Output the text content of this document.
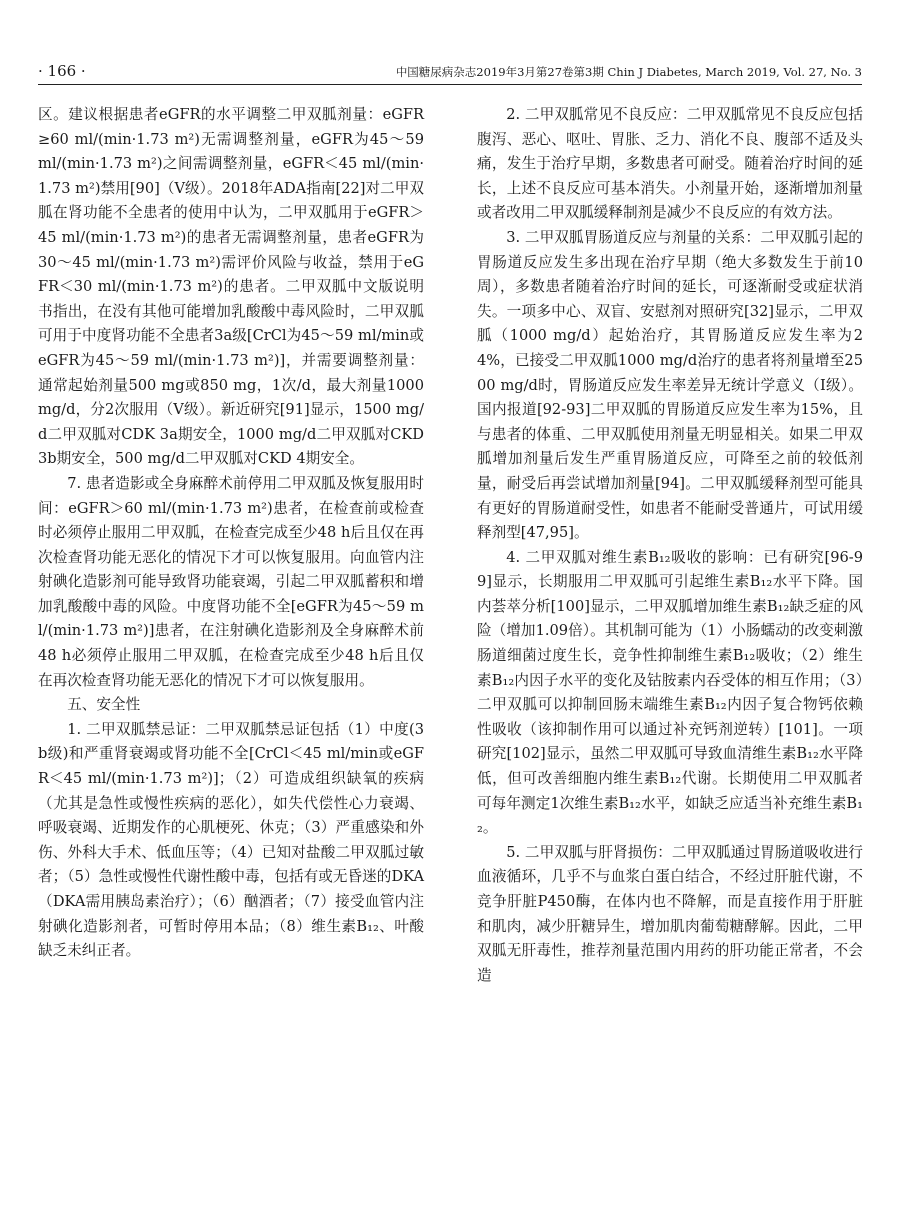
· 166 ·	中国糖尿病杂志2019年3月第27卷第3期 Chin J Diabetes, March 2019, Vol. 27, No. 3

区。建议根据患者eGFR的水平调整二甲双胍剂量：eGFR≥60 ml/(min·1.73 m²)无需调整剂量，eGFR为45～59 ml/(min·1.73 m²)之间需调整剂量，eGFR＜45 ml/(min·1.73 m²)禁用[90]（Ⅴ级）。2018年ADA指南[22]对二甲双胍在肾功能不全患者的使用中认为，二甲双胍用于eGFR＞45 ml/(min·1.73 m²)的患者无需调整剂量，患者eGFR为30～45 ml/(min·1.73 m²)需评价风险与收益，禁用于eGFR＜30 ml/(min·1.73 m²)的患者。二甲双胍中文版说明书指出，在没有其他可能增加乳酸酸中毒风险时，二甲双胍可用于中度肾功能不全患者3a级[CrCl为45～59 ml/min或eGFR为45～59 ml/(min·1.73 m²)]，并需要调整剂量：通常起始剂量500 mg或850 mg，1次/d，最大剂量1000 mg/d，分2次服用（Ⅴ级）。新近研究[91]显示，1500 mg/d二甲双胍对CDK 3a期安全，1000 mg/d二甲双胍对CKD 3b期安全，500 mg/d二甲双胍对CKD 4期安全。

7. 患者造影或全身麻醉术前停用二甲双胍及恢复服用时间：eGFR＞60 ml/(min·1.73 m²)患者，在检查前或检查时必须停止服用二甲双胍，在检查完成至少48 h后且仅在再次检查肾功能无恶化的情况下才可以恢复服用。向血管内注射碘化造影剂可能导致肾功能衰竭，引起二甲双胍蓄积和增加乳酸酸中毒的风险。中度肾功能不全[eGFR为45～59 ml/(min·1.73 m²)]患者，在注射碘化造影剂及全身麻醉术前48 h必须停止服用二甲双胍，在检查完成至少48 h后且仅在再次检查肾功能无恶化的情况下才可以恢复服用。

五、安全性

1. 二甲双胍禁忌证：二甲双胍禁忌证包括（1）中度(3b级)和严重肾衰竭或肾功能不全[CrCl＜45 ml/min或eGFR＜45 ml/(min·1.73 m²)]；（2）可造成组织缺氧的疾病（尤其是急性或慢性疾病的恶化），如失代偿性心力衰竭、呼吸衰竭、近期发作的心肌梗死、休克；（3）严重感染和外伤、外科大手术、低血压等；（4）已知对盐酸二甲双胍过敏者；（5）急性或慢性代谢性酸中毒，包括有或无昏迷的DKA（DKA需用胰岛素治疗）；（6）酗酒者；（7）接受血管内注射碘化造影剂者，可暂时停用本品；（8）维生素B₁₂、叶酸缺乏未纠正者。

2. 二甲双胍常见不良反应：二甲双胍常见不良反应包括腹泻、恶心、呕吐、胃胀、乏力、消化不良、腹部不适及头痛，发生于治疗早期，多数患者可耐受。随着治疗时间的延长，上述不良反应可基本消失。小剂量开始，逐渐增加剂量或者改用二甲双胍缓释制剂是减少不良反应的有效方法。

3. 二甲双胍胃肠道反应与剂量的关系：二甲双胍引起的胃肠道反应发生多出现在治疗早期（绝大多数发生于前10周），多数患者随着治疗时间的延长，可逐渐耐受或症状消失。一项多中心、双盲、安慰剂对照研究[32]显示，二甲双胍（1000 mg/d）起始治疗，其胃肠道反应发生率为24%，已接受二甲双胍1000 mg/d治疗的患者将剂量增至2500 mg/d时，胃肠道反应发生率差异无统计学意义（Ⅰ级）。国内报道[92-93]二甲双胍的胃肠道反应发生率为15%，且与患者的体重、二甲双胍使用剂量无明显相关。如果二甲双胍增加剂量后发生严重胃肠道反应，可降至之前的较低剂量，耐受后再尝试增加剂量[94]。二甲双胍缓释剂型可能具有更好的胃肠道耐受性，如患者不能耐受普通片，可试用缓释剂型[47,95]。

4. 二甲双胍对维生素B₁₂吸收的影响：已有研究[96-99]显示，长期服用二甲双胍可引起维生素B₁₂水平下降。国内荟萃分析[100]显示，二甲双胍增加维生素B₁₂缺乏症的风险（增加1.09倍）。其机制可能为（1）小肠蠕动的改变刺激肠道细菌过度生长，竞争性抑制维生素B₁₂吸收；（2）维生素B₁₂内因子水平的变化及钴胺素内吞受体的相互作用；（3）二甲双胍可以抑制回肠末端维生素B₁₂内因子复合物钙依赖性吸收（该抑制作用可以通过补充钙剂逆转）[101]。一项研究[102]显示，虽然二甲双胍可导致血清维生素B₁₂水平降低，但可改善细胞内维生素B₁₂代谢。长期使用二甲双胍者可每年测定1次维生素B₁₂水平，如缺乏应适当补充维生素B₁₂。

5. 二甲双胍与肝肾损伤：二甲双胍通过胃肠道吸收进行血液循环，几乎不与血浆白蛋白结合，不经过肝脏代谢，不竞争肝脏P450酶，在体内也不降解，而是直接作用于肝脏和肌肉，减少肝糖异生，增加肌肉葡萄糖酵解。因此，二甲双胍无肝毒性，推荐剂量范围内用药的肝功能正常者，不会造
